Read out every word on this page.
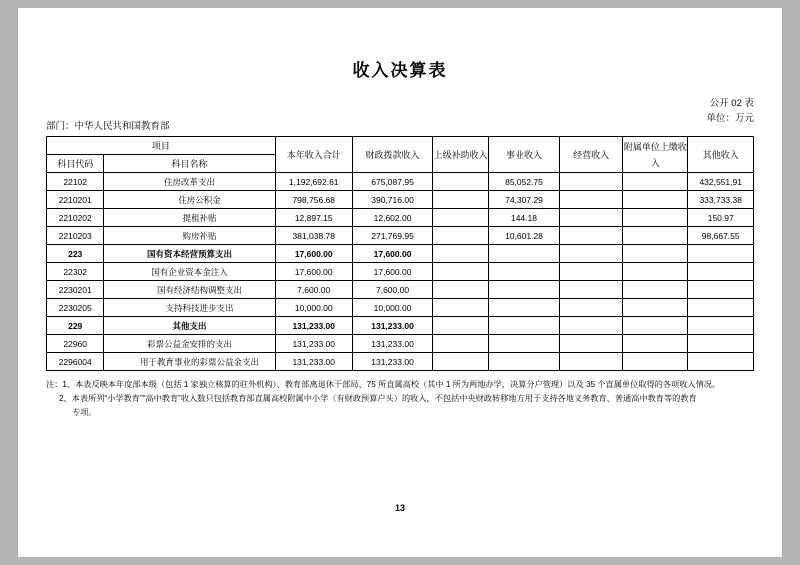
收入决算表
公开 02 表
单位：万元
部门：中华人民共和国教育部
项目		本年收入合计	财政拨款收入	上级补助收入	事业收入	经营收入	附属单位上缴收入	其他收入
科目代码	科目名称							
22102	住房改革支出	1,192,692.61	675,087.95		85,052.75			432,551.91
2210201	住房公积金	798,756.68	390,716.00		74,307.29			333,733.38
2210202	提租补贴	12,897.15	12,602.00		144.18			150.97
2210203	购房补贴	381,038.78	271,769.95		10,601.28			98,667.55
223	国有资本经营预算支出	17,600.00	17,600.00					
22302	国有企业资本金注入	17,600.00	17,600.00					
2230201	国有经济结构调整支出	7,600.00	7,600.00					
2230205	支持科技进步支出	10,000.00	10,000.00					
229	其他支出	131,233.00	131,233.00					
22960	彩票公益金安排的支出	131,233.00	131,233.00					
2296004	用于教育事业的彩票公益金支出	131,233.00	131,233.00					
注：1、本表反映本年度部本级（包括 1 家独立核算的驻外机构）、教育部离退休干部局、75 所直属高校（其中 1 所为两地办学，决算分户管理）以及 35 个直属单位取得的各项收入情况。
2、本表所列“小学教育”“高中教育”收入数只包括教育部直属高校附属中小学（有财政预算户头）的收入，不包括中央财政转移地方用于支持各地义务教育、普通高中教育等的教育
专项。
13
